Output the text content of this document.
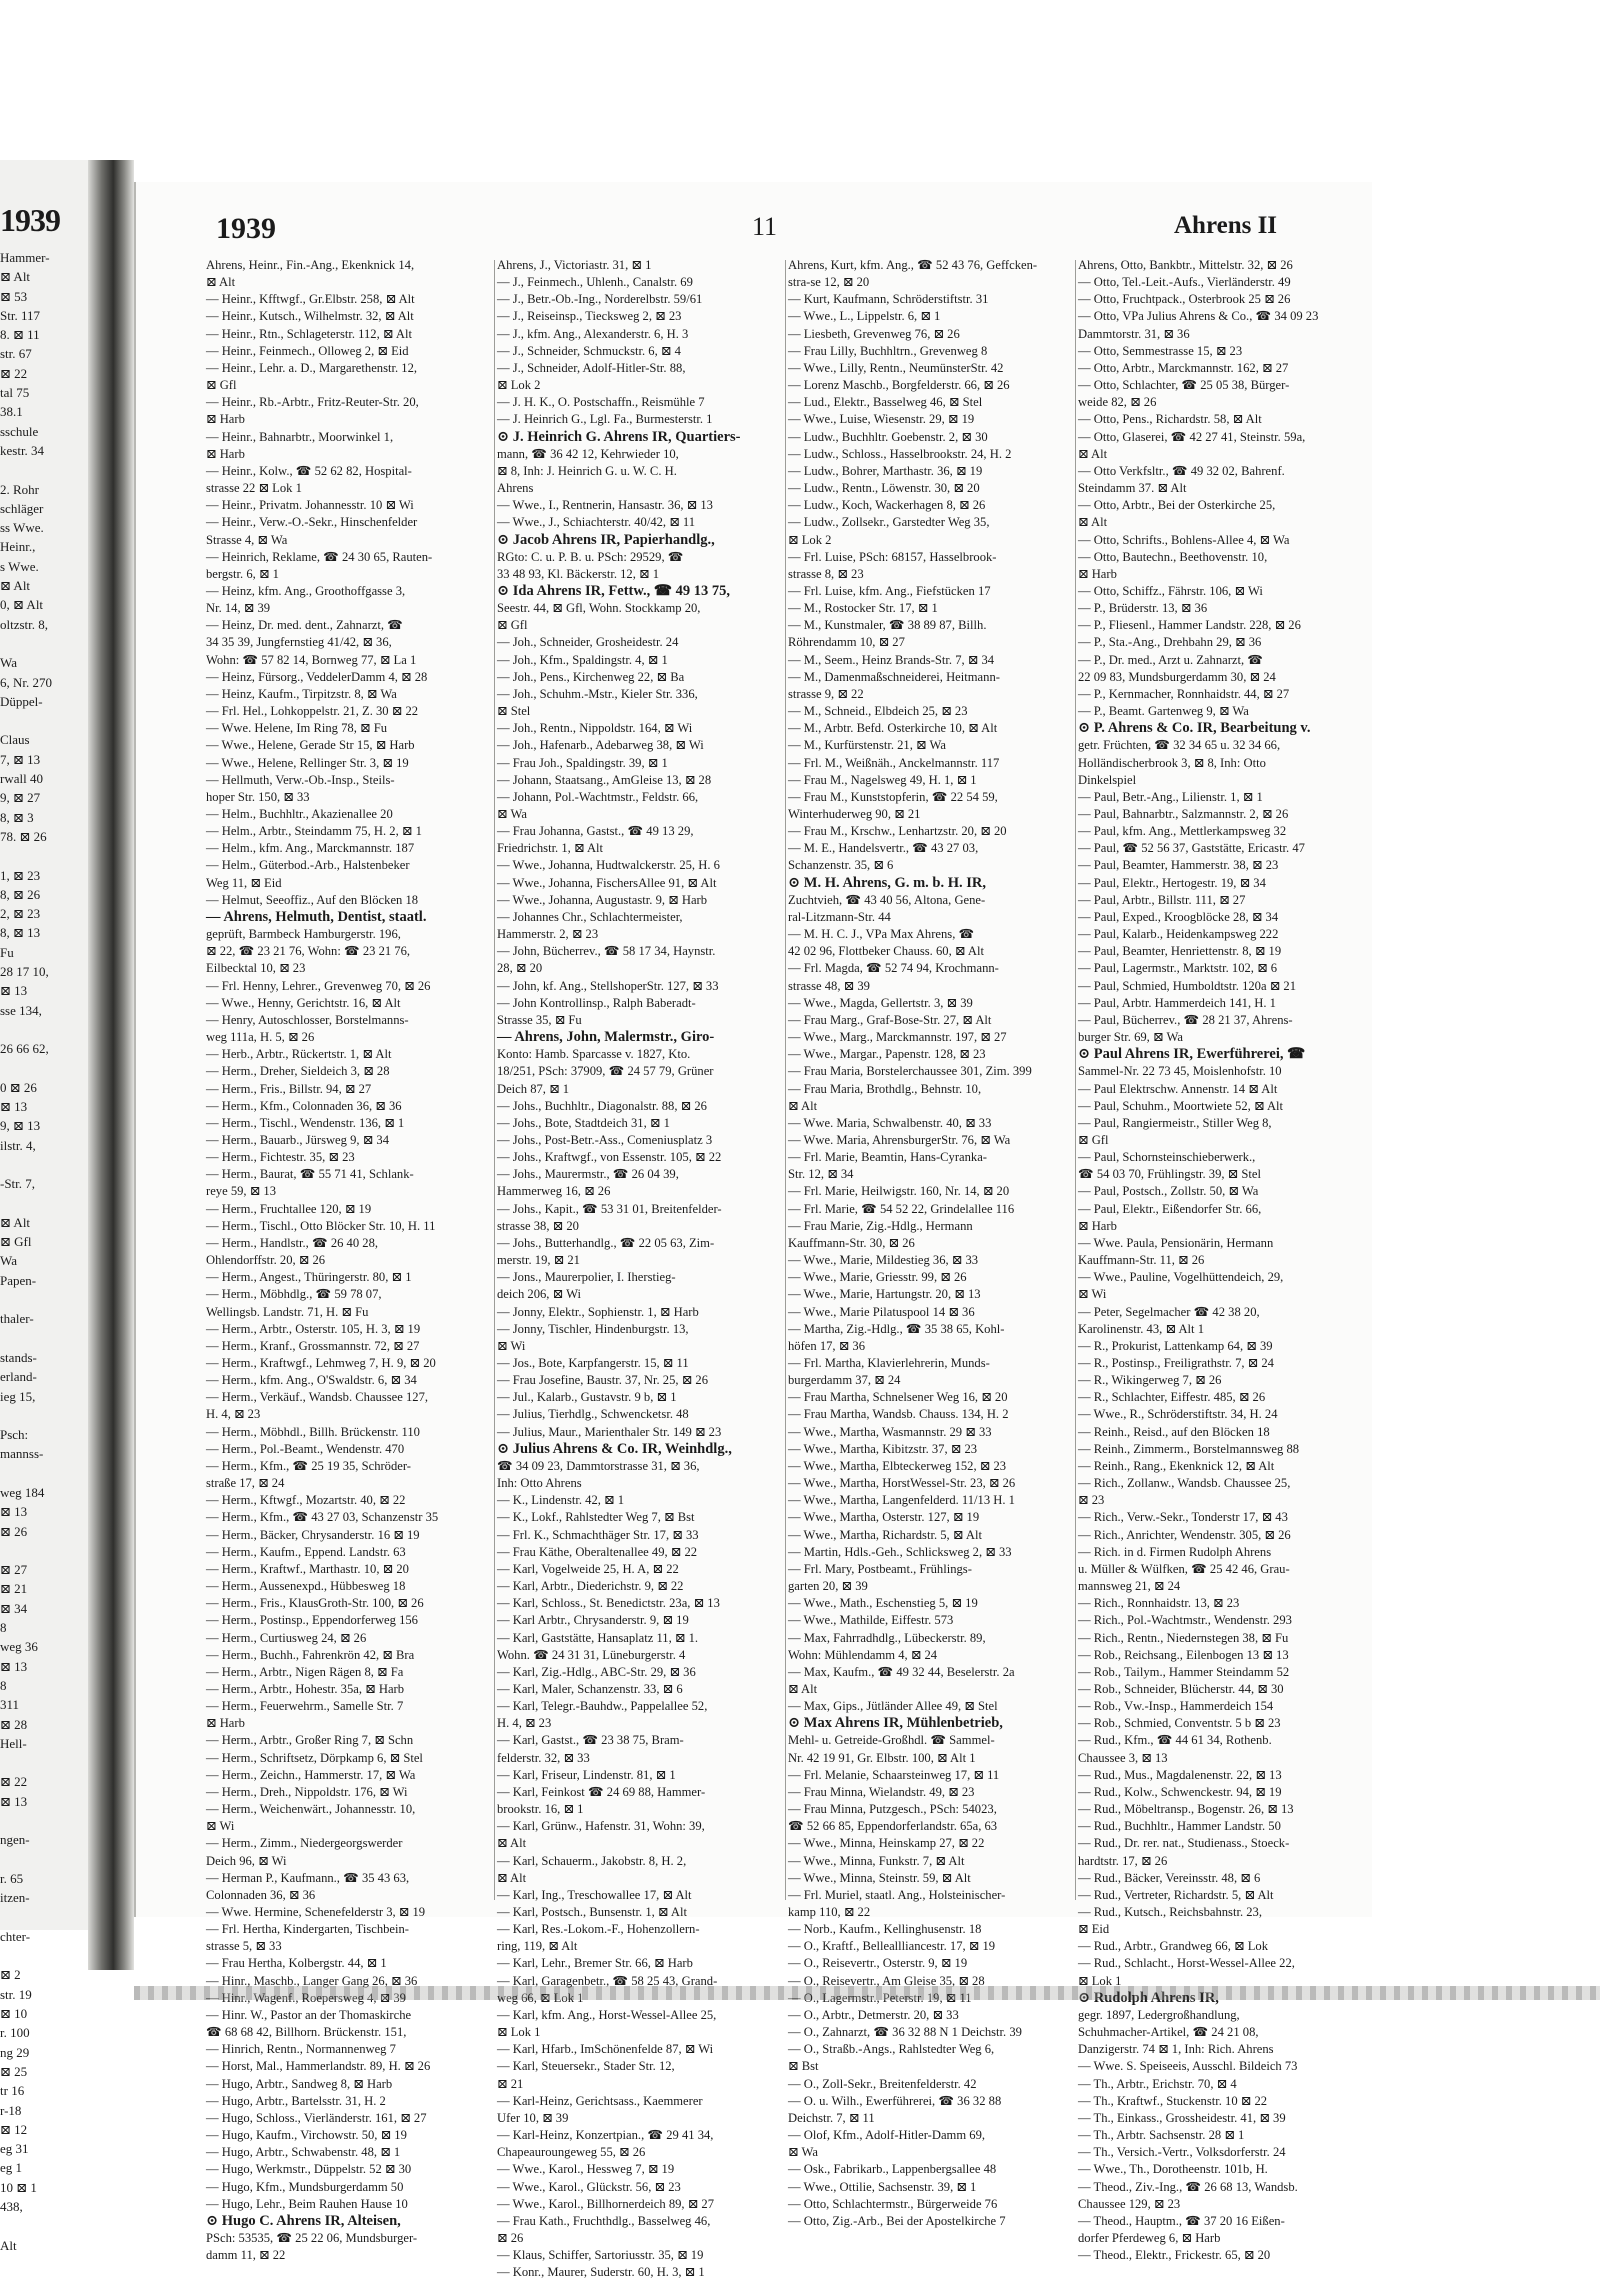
1939
Hammer-
⊠ Alt
⊠ 53
Str. 117
8. ⊠ 11
str. 67
⊠ 22
tal 75
38.1
sschule
kestr. 34

2. Rohr
schläger
ss Wwe.
Heinr.,
s Wwe.
⊠ Alt
0, ⊠ Alt
oltzstr. 8,

Wa
6, Nr. 270
Düppel-

Claus
7, ⊠ 13
rwall 40
9, ⊠ 27
8, ⊠ 3
78. ⊠ 26

1, ⊠ 23
8, ⊠ 26
2, ⊠ 23
8, ⊠ 13
Fu
28 17 10,
⊠ 13
sse 134,

26 66 62,

0 ⊠ 26
⊠ 13
9, ⊠ 13
ilstr. 4,

-Str. 7,

⊠ Alt
⊠ Gfl
Wa
Papen-

thaler-

stands-
erland-
ieg 15,

Psch:
mannss-

weg 184
⊠ 13
⊠ 26

⊠ 27
⊠ 21
⊠ 34
8
weg 36
⊠ 13
8
311
⊠ 28
Hell-

⊠ 22
⊠ 13

ngen-

r. 65
itzen-

chter-

⊠ 2
str. 19
⊠ 10
r. 100
ng 29
⊠ 25
tr 16
r-18
⊠ 12
eg 31
eg 1
10 ⊠ 1
438,

Alt
1939	11	Ahrens II
Ahrens, Heinr., Fin.-Ang., Ekenknick 14,
⊠ Alt
— Heinr., Kfftwgf., Gr.Elbstr. 258, ⊠ Alt
— Heinr., Kutsch., Wilhelmstr. 32, ⊠ Alt
— Heinr., Rtn., Schlageterstr. 112, ⊠ Alt
— Heinr., Feinmech., Olloweg 2, ⊠ Eid
— Heinr., Lehr. a. D., Margarethenstr. 12,
⊠ Gfl
— Heinr., Rb.-Arbtr., Fritz-Reuter-Str. 20,
⊠ Harb
— Heinr., Bahnarbtr., Moorwinkel 1,
⊠ Harb
— Heinr., Kolw., ☎ 52 62 82, Hospital-
strasse 22 ⊠ Lok 1
— Heinr., Privatm. Johannesstr. 10 ⊠ Wi
— Heinr., Verw.-O.-Sekr., Hinschenfelder
Strasse 4, ⊠ Wa
— Heinrich, Reklame, ☎ 24 30 65, Rauten-
bergstr. 6, ⊠ 1
— Heinz, kfm. Ang., Groothoffgasse 3,
Nr. 14, ⊠ 39
— Heinz, Dr. med. dent., Zahnarzt, ☎
34 35 39, Jungfernstieg 41/42, ⊠ 36,
Wohn: ☎ 57 82 14, Bornweg 77, ⊠ La 1
— Heinz, Fürsorg., VeddelerDamm 4, ⊠ 28
— Heinz, Kaufm., Tirpitzstr. 8, ⊠ Wa
— Frl. Hel., Lohkoppelstr. 21, Z. 30 ⊠ 22
— Wwe. Helene, Im Ring 78, ⊠ Fu
— Wwe., Helene, Gerade Str 15, ⊠ Harb
— Wwe., Helene, Rellinger Str. 3, ⊠ 19
— Hellmuth, Verw.-Ob.-Insp., Steils-
hoper Str. 150, ⊠ 33
— Helm., Buchhltr., Akazienallee 20
— Helm., Arbtr., Steindamm 75, H. 2, ⊠ 1
— Helm., kfm. Ang., Marckmannstr. 187
— Helm., Güterbod.-Arb., Halstenbeker
Weg 11, ⊠ Eid
— Helmut, Seeoffiz., Auf den Blöcken 18
— Ahrens, Helmuth, Dentist, staatl.
geprüft, Barmbeck Hamburgerstr. 196,
⊠ 22, ☎ 23 21 76, Wohn: ☎ 23 21 76,
Eilbecktal 10, ⊠ 23
— Frl. Henny, Lehrer., Grevenweg 70, ⊠ 26
— Wwe., Henny, Gerichtstr. 16, ⊠ Alt
— Henry, Autoschlosser, Borstelmanns-
weg 111a, H. 5, ⊠ 26
— Herb., Arbtr., Rückertstr. 1, ⊠ Alt
— Herm., Dreher, Sieldeich 3, ⊠ 28
— Herm., Fris., Billstr. 94, ⊠ 27
— Herm., Kfm., Colonnaden 36, ⊠ 36
— Herm., Tischl., Wendenstr. 136, ⊠ 1
— Herm., Bauarb., Jürsweg 9, ⊠ 34
— Herm., Fichtestr. 35, ⊠ 23
— Herm., Baurat, ☎ 55 71 41, Schlank-
reye 59, ⊠ 13
— Herm., Fruchtallee 120, ⊠ 19
— Herm., Tischl., Otto Blöcker Str. 10, H. 11
— Herm., Handlstr., ☎ 26 40 28,
Ohlendorffstr. 20, ⊠ 26
— Herm., Angest., Thüringerstr. 80, ⊠ 1
— Herm., Möbhdlg., ☎ 59 78 07,
Wellingsb. Landstr. 71, H. ⊠ Fu
— Herm., Arbtr., Osterstr. 105, H. 3, ⊠ 19
— Herm., Kranf., Grossmannstr. 72, ⊠ 27
— Herm., Kraftwgf., Lehmweg 7, H. 9, ⊠ 20
— Herm., kfm. Ang., O'Swaldstr. 6, ⊠ 34
— Herm., Verkäuf., Wandsb. Chaussee 127,
H. 4, ⊠ 23
— Herm., Möbhdl., Billh. Brückenstr. 110
— Herm., Pol.-Beamt., Wendenstr. 470
— Herm., Kfm., ☎ 25 19 35, Schröder-
straße 17, ⊠ 24
— Herm., Kftwgf., Mozartstr. 40, ⊠ 22
— Herm., Kfm., ☎ 43 27 03, Schanzenstr 35
— Herm., Bäcker, Chrysanderstr. 16 ⊠ 19
— Herm., Kaufm., Eppend. Landstr. 63
— Herm., Kraftwf., Marthastr. 10, ⊠ 20
— Herm., Aussenexpd., Hübbesweg 18
— Herm., Fris., KlausGroth-Str. 100, ⊠ 26
— Herm., Postinsp., Eppendorferweg 156
— Herm., Curtiusweg 24, ⊠ 26
— Herm., Buchh., Fahrenkrön 42, ⊠ Bra
— Herm., Arbtr., Nigen Rägen 8, ⊠ Fa
— Herm., Arbtr., Hohestr. 35a, ⊠ Harb
— Herm., Feuerwehrm., Samelle Str. 7
⊠ Harb
— Herm., Arbtr., Großer Ring 7, ⊠ Schn
— Herm., Schriftsetz, Dörpkamp 6, ⊠ Stel
— Herm., Zeichn., Hammerstr. 17, ⊠ Wa
— Herm., Dreh., Nippoldstr. 176, ⊠ Wi
— Herm., Weichenwärt., Johannesstr. 10,
⊠ Wi
— Herm., Zimm., Niedergeorgswerder
Deich 96, ⊠ Wi
— Herman P., Kaufmann., ☎ 35 43 63,
Colonnaden 36, ⊠ 36
— Wwe. Hermine, Schenefelderstr 3, ⊠ 19
— Frl. Hertha, Kindergarten, Tischbein-
strasse 5, ⊠ 33
— Frau Hertha, Kolbergstr. 44, ⊠ 1
— Hinr., Maschb., Langer Gang 26, ⊠ 36
— Hinr., Wagenf., Roepersweg 4, ⊠ 39
— Hinr. W., Pastor an der Thomaskirche
☎ 68 68 42, Billhorn. Brückenstr. 151,
— Hinrich, Rentn., Normannenweg 7
— Horst, Mal., Hammerlandstr. 89, H. ⊠ 26
— Hugo, Arbtr., Sandweg 8, ⊠ Harb
— Hugo, Arbtr., Bartelsstr. 31, H. 2
— Hugo, Schloss., Vierländerstr. 161, ⊠ 27
— Hugo, Kaufm., Virchowstr. 50, ⊠ 19
— Hugo, Arbtr., Schwabenstr. 48, ⊠ 1
— Hugo, Werkmstr., Düppelstr. 52 ⊠ 30
— Hugo, Kfm., Mundsburgerdamm 50
— Hugo, Lehr., Beim Rauhen Hause 10
⊙ Hugo C. Ahrens IR, Alteisen,
PSch: 53535, ☎ 25 22 06, Mundsburger-
damm 11, ⊠ 22
Ahrens, J., Victoriastr. 31, ⊠ 1
— J., Feinmech., Uhlenh., Canalstr. 69
— J., Betr.-Ob.-Ing., Norderelbstr. 59/61
— J., Reiseinsp., Tiecksweg 2, ⊠ 23
— J., kfm. Ang., Alexanderstr. 6, H. 3
— J., Schneider, Schmuckstr. 6, ⊠ 4
— J., Schneider, Adolf-Hitler-Str. 88,
⊠ Lok 2
— J. H. K., O. Postschaffn., Reismühle 7
— J. Heinrich G., Lgl. Fa., Burmesterstr. 1
⊙ J. Heinrich G. Ahrens IR, Quartiers-
mann, ☎ 36 42 12, Kehrwieder 10,
⊠ 8, Inh: J. Heinrich G. u. W. C. H.
Ahrens
— Wwe., I., Rentnerin, Hansastr. 36, ⊠ 13
— Wwe., J., Schiachterstr. 40/42, ⊠ 11
⊙ Jacob Ahrens IR, Papierhandlg.,
RGto: C. u. P. B. u. PSch: 29529, ☎
33 48 93, Kl. Bäckerstr. 12, ⊠ 1
⊙ Ida Ahrens IR, Fettw., ☎ 49 13 75,
Seestr. 44, ⊠ Gfl, Wohn. Stockkamp 20,
⊠ Gfl
— Joh., Schneider, Grosheidestr. 24
— Joh., Kfm., Spaldingstr. 4, ⊠ 1
— Joh., Pens., Kirchenweg 22, ⊠ Ba
— Joh., Schuhm.-Mstr., Kieler Str. 336,
⊠ Stel
— Joh., Rentn., Nippoldstr. 164, ⊠ Wi
— Joh., Hafenarb., Adebarweg 38, ⊠ Wi
— Frau Joh., Spaldingstr. 39, ⊠ 1
— Johann, Staatsang., AmGleise 13, ⊠ 28
— Johann, Pol.-Wachtmstr., Feldstr. 66,
⊠ Wa
— Frau Johanna, Gastst., ☎ 49 13 29,
Friedrichstr. 1, ⊠ Alt
— Wwe., Johanna, Hudtwalckerstr. 25, H. 6
— Wwe., Johanna, FischersAllee 91, ⊠ Alt
— Wwe., Johanna, Augustastr. 9, ⊠ Harb
— Johannes Chr., Schlachtermeister,
Hammerstr. 2, ⊠ 23
— John, Bücherrev., ☎ 58 17 34, Haynstr.
28, ⊠ 20
— John, kf. Ang., StellshoperStr. 127, ⊠ 33
— John Kontrollinsp., Ralph Baberadt-
Strasse 35, ⊠ Fu
— Ahrens, John, Malermstr., Giro-
Konto: Hamb. Sparcasse v. 1827, Kto.
18/251, PSch: 37909, ☎ 24 57 79, Grüner
Deich 87, ⊠ 1
— Johs., Buchhltr., Diagonalstr. 88, ⊠ 26
— Johs., Bote, Stadtdeich 31, ⊠ 1
— Johs., Post-Betr.-Ass., Comeniusplatz 3
— Johs., Kraftwgf., von Essenstr. 105, ⊠ 22
— Johs., Maurermstr., ☎ 26 04 39,
Hammerweg 16, ⊠ 26
— Johs., Kapit., ☎ 53 31 01, Breitenfelder-
strasse 38, ⊠ 20
— Johs., Butterhandlg., ☎ 22 05 63, Zim-
merstr. 19, ⊠ 21
— Jons., Maurerpolier, I. Iherstieg-
deich 206, ⊠ Wi
— Jonny, Elektr., Sophienstr. 1, ⊠ Harb
— Jonny, Tischler, Hindenburgstr. 13,
⊠ Wi
— Jos., Bote, Karpfangerstr. 15, ⊠ 11
— Frau Josefine, Baustr. 37, Nr. 25, ⊠ 26
— Jul., Kalarb., Gustavstr. 9 b, ⊠ 1
— Julius, Tierhdlg., Schwencketsr. 48
— Julius, Maur., Marienthaler Str. 149 ⊠ 23
⊙ Julius Ahrens & Co. IR, Weinhdlg.,
☎ 34 09 23, Dammtorstrasse 31, ⊠ 36,
Inh: Otto Ahrens
— K., Lindenstr. 42, ⊠ 1
— K., Lokf., Rahlstedter Weg 7, ⊠ Bst
— Frl. K., Schmachthäger Str. 17, ⊠ 33
— Frau Käthe, Oberaltenallee 49, ⊠ 22
— Karl, Vogelweide 25, H. A, ⊠ 22
— Karl, Arbtr., Diederichstr. 9, ⊠ 22
— Karl, Schloss., St. Benedictstr. 23a, ⊠ 13
— Karl Arbtr., Chrysanderstr. 9, ⊠ 19
— Karl, Gaststätte, Hansaplatz 11, ⊠ 1.
Wohn. ☎ 24 31 31, Lüneburgerstr. 4
— Karl, Zig.-Hdlg., ABC-Str. 29, ⊠ 36
— Karl, Maler, Schanzenstr. 33, ⊠ 6
— Karl, Telegr.-Bauhdw., Pappelallee 52,
H. 4, ⊠ 23
— Karl, Gastst., ☎ 23 38 75, Bram-
felderstr. 32, ⊠ 33
— Karl, Friseur, Lindenstr. 81, ⊠ 1
— Karl, Feinkost ☎ 24 69 88, Hammer-
brookstr. 16, ⊠ 1
— Karl, Grünw., Hafenstr. 31, Wohn: 39,
⊠ Alt
— Karl, Schauerm., Jakobstr. 8, H. 2,
⊠ Alt
— Karl, Ing., Treschowallee 17, ⊠ Alt
— Karl, Postsch., Bunsenstr. 1, ⊠ Alt
— Karl, Res.-Lokom.-F., Hohenzollern-
ring, 119, ⊠ Alt
— Karl, Lehr., Bremer Str. 66, ⊠ Harb
— Karl, Garagenbetr., ☎ 58 25 43, Grand-
weg 66, ⊠ Lok 1
— Karl, kfm. Ang., Horst-Wessel-Allee 25,
⊠ Lok 1
— Karl, Hfarb., ImSchönenfelde 87, ⊠ Wi
— Karl, Steuersekr., Stader Str. 12,
⊠ 21
— Karl-Heinz, Gerichtsass., Kaemmerer
Ufer 10, ⊠ 39
— Karl-Heinz, Konzertpian., ☎ 29 41 34,
Chapeauroungeweg 55, ⊠ 26
— Wwe., Karol., Hessweg 7, ⊠ 19
— Wwe., Karol., Glückstr. 56, ⊠ 23
— Wwe., Karol., Billhornerdeich 89, ⊠ 27
— Frau Kath., Fruchthdlg., Basselweg 46,
⊠ 26
— Klaus, Schiffer, Sartoriusstr. 35, ⊠ 19
— Konr., Maurer, Suderstr. 60, H. 3, ⊠ 1
Ahrens, Kurt, kfm. Ang., ☎ 52 43 76, Geffcken-
stra-se 12, ⊠ 20
— Kurt, Kaufmann, Schröderstiftstr. 31
— Wwe., L., Lippelstr. 6, ⊠ 1
— Liesbeth, Grevenweg 76, ⊠ 26
— Frau Lilly, Buchhltrn., Grevenweg 8
— Wwe., Lilly, Rentn., NeumünsterStr. 42
— Lorenz Maschb., Borgfelderstr. 66, ⊠ 26
— Lud., Elektr., Basselweg 46, ⊠ Stel
— Wwe., Luise, Wiesenstr. 29, ⊠ 19
— Ludw., Buchhltr. Goebenstr. 2, ⊠ 30
— Ludw., Schloss., Hasselbrookstr. 24, H. 2
— Ludw., Bohrer, Marthastr. 36, ⊠ 19
— Ludw., Rentn., Löwenstr. 30, ⊠ 20
— Ludw., Koch, Wackerhagen 8, ⊠ 26
— Ludw., Zollsekr., Garstedter Weg 35,
⊠ Lok 2
— Frl. Luise, PSch: 68157, Hasselbrook-
strasse 8, ⊠ 23
— Frl. Luise, kfm. Ang., Fiefstücken 17
— M., Rostocker Str. 17, ⊠ 1
— M., Kunstmaler, ☎ 38 89 87, Billh.
Röhrendamm 10, ⊠ 27
— M., Seem., Heinz Brands-Str. 7, ⊠ 34
— M., Damenmaßschneiderei, Heitmann-
strasse 9, ⊠ 22
— M., Schneid., Elbdeich 25, ⊠ 23
— M., Arbtr. Befd. Osterkirche 10, ⊠ Alt
— M., Kurfürstenstr. 21, ⊠ Wa
— Frl. M., Weißnäh., Anckelmannstr. 117
— Frau M., Nagelsweg 49, H. 1, ⊠ 1
— Frau M., Kunststopferin, ☎ 22 54 59,
Winterhuderweg 90, ⊠ 21
— Frau M., Krschw., Lenhartzstr. 20, ⊠ 20
— M. E., Handelsvertr., ☎ 43 27 03,
Schanzenstr. 35, ⊠ 6
⊙ M. H. Ahrens, G. m. b. H. IR,
Zuchtvieh, ☎ 43 40 56, Altona, Gene-
ral-Litzmann-Str. 44
— M. H. C. J., VPa Max Ahrens, ☎
42 02 96, Flottbeker Chauss. 60, ⊠ Alt
— Frl. Magda, ☎ 52 74 94, Krochmann-
strasse 48, ⊠ 39
— Wwe., Magda, Gellertstr. 3, ⊠ 39
— Frau Marg., Graf-Bose-Str. 27, ⊠ Alt
— Wwe., Marg., Marckmannstr. 197, ⊠ 27
— Wwe., Margar., Papenstr. 128, ⊠ 23
— Frau Maria, Borstelerchaussee 301, Zim. 399
— Frau Maria, Brothdlg., Behnstr. 10,
⊠ Alt
— Wwe. Maria, Schwalbenstr. 40, ⊠ 33
— Wwe. Maria, AhrensburgerStr. 76, ⊠ Wa
— Frl. Marie, Beamtin, Hans-Cyranka-
Str. 12, ⊠ 34
— Frl. Marie, Heilwigstr. 160, Nr. 14, ⊠ 20
— Frl. Marie, ☎ 54 52 22, Grindelallee 116
— Frau Marie, Zig.-Hdlg., Hermann
Kauffmann-Str. 30, ⊠ 26
— Wwe., Marie, Mildestieg 36, ⊠ 33
— Wwe., Marie, Griesstr. 99, ⊠ 26
— Wwe., Marie, Hartungstr. 20, ⊠ 13
— Wwe., Marie Pilatuspool 14 ⊠ 36
— Martha, Zig.-Hdlg., ☎ 35 38 65, Kohl-
höfen 17, ⊠ 36
— Frl. Martha, Klavierlehrerin, Munds-
burgerdamm 37, ⊠ 24
— Frau Martha, Schnelsener Weg 16, ⊠ 20
— Frau Martha, Wandsb. Chauss. 134, H. 2
— Wwe., Martha, Wasmannstr. 29 ⊠ 33
— Wwe., Martha, Kibitzstr. 37, ⊠ 23
— Wwe., Martha, Elbteckerweg 152, ⊠ 23
— Wwe., Martha, HorstWessel-Str. 23, ⊠ 26
— Wwe., Martha, Langenfelderd. 11/13 H. 1
— Wwe., Martha, Osterstr. 127, ⊠ 19
— Wwe., Martha, Richardstr. 5, ⊠ Alt
— Martin, Hdls.-Geh., Schlicksweg 2, ⊠ 33
— Frl. Mary, Postbeamt., Frühlings-
garten 20, ⊠ 39
— Wwe., Math., Eschenstieg 5, ⊠ 19
— Wwe., Mathilde, Eiffestr. 573
— Max, Fahrradhdlg., Lübeckerstr. 89,
Wohn: Mühlendamm 4, ⊠ 24
— Max, Kaufm., ☎ 49 32 44, Beselerstr. 2a
⊠ Alt
— Max, Gips., Jütländer Allee 49, ⊠ Stel
⊙ Max Ahrens IR, Mühlenbetrieb,
Mehl- u. Getreide-Großhdl. ☎ Sammel-
Nr. 42 19 91, Gr. Elbstr. 100, ⊠ Alt 1
— Frl. Melanie, Schaarsteinweg 17, ⊠ 11
— Frau Minna, Wielandstr. 49, ⊠ 23
— Frau Minna, Putzgesch., PSch: 54023,
☎ 52 66 85, Eppendorferlandstr. 65a, 63
— Wwe., Minna, Heinskamp 27, ⊠ 22
— Wwe., Minna, Funkstr. 7, ⊠ Alt
— Wwe., Minna, Steinstr. 59, ⊠ Alt
— Frl. Muriel, staatl. Ang., Holsteinischer-
kamp 110, ⊠ 22
— Norb., Kaufm., Kellinghusenstr. 18
— O., Kraftf., Belleallliancestr. 17, ⊠ 19
— O., Reisevertr., Osterstr. 9, ⊠ 19
— O., Reisevertr., Am Gleise 35, ⊠ 28
— O., Lagermstr., Peterstr. 19, ⊠ 11
— O., Arbtr., Detmerstr. 20, ⊠ 33
— O., Zahnarzt, ☎ 36 32 88 N 1 Deichstr. 39
— O., Straßb.-Angs., Rahlstedter Weg 6,
⊠ Bst
— O., Zoll-Sekr., Breitenfelderstr. 42
— O. u. Wilh., Ewerführerei, ☎ 36 32 88
Deichstr. 7, ⊠ 11
— Olof, Kfm., Adolf-Hitler-Damm 69,
⊠ Wa
— Osk., Fabrikarb., Lappenbergsallee 48
— Wwe., Ottilie, Sachsenstr. 39, ⊠ 1
— Otto, Schlachtermstr., Bürgerweide 76
— Otto, Zig.-Arb., Bei der Apostelkirche 7
Ahrens, Otto, Bankbtr., Mittelstr. 32, ⊠ 26
— Otto, Tel.-Leit.-Aufs., Vierländerstr. 49
— Otto, Fruchtpack., Osterbrook 25 ⊠ 26
— Otto, VPa Julius Ahrens & Co., ☎ 34 09 23
Dammtorstr. 31, ⊠ 36
— Otto, Semmestrasse 15, ⊠ 23
— Otto, Arbtr., Marckmannstr. 162, ⊠ 27
— Otto, Schlachter, ☎ 25 05 38, Bürger-
weide 82, ⊠ 26
— Otto, Pens., Richardstr. 58, ⊠ Alt
— Otto, Glaserei, ☎ 42 27 41, Steinstr. 59a,
⊠ Alt
— Otto Verkfsltr., ☎ 49 32 02, Bahrenf.
Steindamm 37. ⊠ Alt
— Otto, Arbtr., Bei der Osterkirche 25,
⊠ Alt
— Otto, Schrifts., Bohlens-Allee 4, ⊠ Wa
— Otto, Bautechn., Beethovenstr. 10,
⊠ Harb
— Otto, Schiffz., Fährstr. 106, ⊠ Wi
— P., Brüderstr. 13, ⊠ 36
— P., Fliesenl., Hammer Landstr. 228, ⊠ 26
— P., Sta.-Ang., Drehbahn 29, ⊠ 36
— P., Dr. med., Arzt u. Zahnarzt, ☎
22 09 83, Mundsburgerdamm 30, ⊠ 24
— P., Kernmacher, Ronnhaidstr. 44, ⊠ 27
— P., Beamt. Gartenweg 9, ⊠ Wa
⊙ P. Ahrens & Co. IR, Bearbeitung v.
getr. Früchten, ☎ 32 34 65 u. 32 34 66,
Holländischerbrook 3, ⊠ 8, Inh: Otto
Dinkelspiel
— Paul, Betr.-Ang., Lilienstr. 1, ⊠ 1
— Paul, Bahnarbtr., Salzmannstr. 2, ⊠ 26
— Paul, kfm. Ang., Mettlerkampsweg 32
— Paul, ☎ 52 56 37, Gaststätte, Ericastr. 47
— Paul, Beamter, Hammerstr. 38, ⊠ 23
— Paul, Elektr., Hertogestr. 19, ⊠ 34
— Paul, Arbtr., Billstr. 111, ⊠ 27
— Paul, Exped., Kroogblöcke 28, ⊠ 34
— Paul, Kalarb., Heidenkampsweg 222
— Paul, Beamter, Henriettenstr. 8, ⊠ 19
— Paul, Lagermstr., Marktstr. 102, ⊠ 6
— Paul, Schmied, Humboldtstr. 120a ⊠ 21
— Paul, Arbtr. Hammerdeich 141, H. 1
— Paul, Bücherrev., ☎ 28 21 37, Ahrens-
burger Str. 69, ⊠ Wa
⊙ Paul Ahrens IR, Ewerführerei, ☎
Sammel-Nr. 22 73 45, Moislenhofstr. 10
— Paul Elektrschw. Annenstr. 14 ⊠ Alt
— Paul, Schuhm., Moortwiete 52, ⊠ Alt
— Paul, Rangiermeistr., Stiller Weg 8,
⊠ Gfl
— Paul, Schornsteinschieberwerk.,
☎ 54 03 70, Frühlingstr. 39, ⊠ Stel
— Paul, Postsch., Zollstr. 50, ⊠ Wa
— Paul, Elektr., Eißendorfer Str. 66,
⊠ Harb
— Wwe. Paula, Pensionärin, Hermann
Kauffmann-Str. 11, ⊠ 26
— Wwe., Pauline, Vogelhüttendeich, 29,
⊠ Wi
— Peter, Segelmacher ☎ 42 38 20,
Karolinenstr. 43, ⊠ Alt 1
— R., Prokurist, Lattenkamp 64, ⊠ 39
— R., Postinsp., Freiligrathstr. 7, ⊠ 24
— R., Wikingerweg 7, ⊠ 26
— R., Schlachter, Eiffestr. 485, ⊠ 26
— Wwe., R., Schröderstiftstr. 34, H. 24
— Reinh., Reisd., auf den Blöcken 18
— Reinh., Zimmerm., Borstelmannsweg 88
— Reinh., Rang., Ekenknick 12, ⊠ Alt
— Rich., Zollanw., Wandsb. Chaussee 25,
⊠ 23
— Rich., Verw.-Sekr., Tonderstr 17, ⊠ 43
— Rich., Anrichter, Wendenstr. 305, ⊠ 26
— Rich. in d. Firmen Rudolph Ahrens
u. Müller & Wülfken, ☎ 25 42 46, Grau-
mannsweg 21, ⊠ 24
— Rich., Ronnhaidstr. 13, ⊠ 23
— Rich., Pol.-Wachtmstr., Wendenstr. 293
— Rich., Rentn., Niedernstegen 38, ⊠ Fu
— Rob., Reichsang., Eilenbogen 13 ⊠ 13
— Rob., Tailym., Hammer Steindamm 52
— Rob., Schneider, Blücherstr. 44, ⊠ 30
— Rob., Vw.-Insp., Hammerdeich 154
— Rob., Schmied, Conventstr. 5 b ⊠ 23
— Rud., Kfm., ☎ 44 61 34, Rothenb.
Chaussee 3, ⊠ 13
— Rud., Mus., Magdalenenstr. 22, ⊠ 13
— Rud., Kolw., Schwenckestr. 94, ⊠ 19
— Rud., Möbeltransp., Bogenstr. 26, ⊠ 13
— Rud., Buchhltr., Hammer Landstr. 50
— Rud., Dr. rer. nat., Studienass., Stoeck-
hardtstr. 17, ⊠ 26
— Rud., Bäcker, Vereinsstr. 48, ⊠ 6
— Rud., Vertreter, Richardstr. 5, ⊠ Alt
— Rud., Kutsch., Reichsbahnstr. 23,
⊠ Eid
— Rud., Arbtr., Grandweg 66, ⊠ Lok
— Rud., Schlacht., Horst-Wessel-Allee 22,
⊠ Lok 1
⊙ Rudolph Ahrens IR,
gegr. 1897, Ledergroßhandlung,
Schuhmacher-Artikel, ☎ 24 21 08,
Danzigerstr. 74 ⊠ 1, Inh: Rich. Ahrens
— Wwe. S. Speiseeis, Ausschl. Bildeich 73
— Th., Arbtr., Erichstr. 70, ⊠ 4
— Th., Kraftwf., Stuckenstr. 10 ⊠ 22
— Th., Einkass., Grossheidestr. 41, ⊠ 39
— Th., Arbtr. Sachsenstr. 28 ⊠ 1
— Th., Versich.-Vertr., Volksdorferstr. 24
— Wwe., Th., Dorotheenstr. 101b, H.
— Theod., Ziv.-Ing., ☎ 26 68 13, Wandsb.
Chaussee 129, ⊠ 23
— Theod., Hauptm., ☎ 37 20 16 Eißen-
dorfer Pferdeweg 6, ⊠ Harb
— Theod., Elektr., Frickestr. 65, ⊠ 20
